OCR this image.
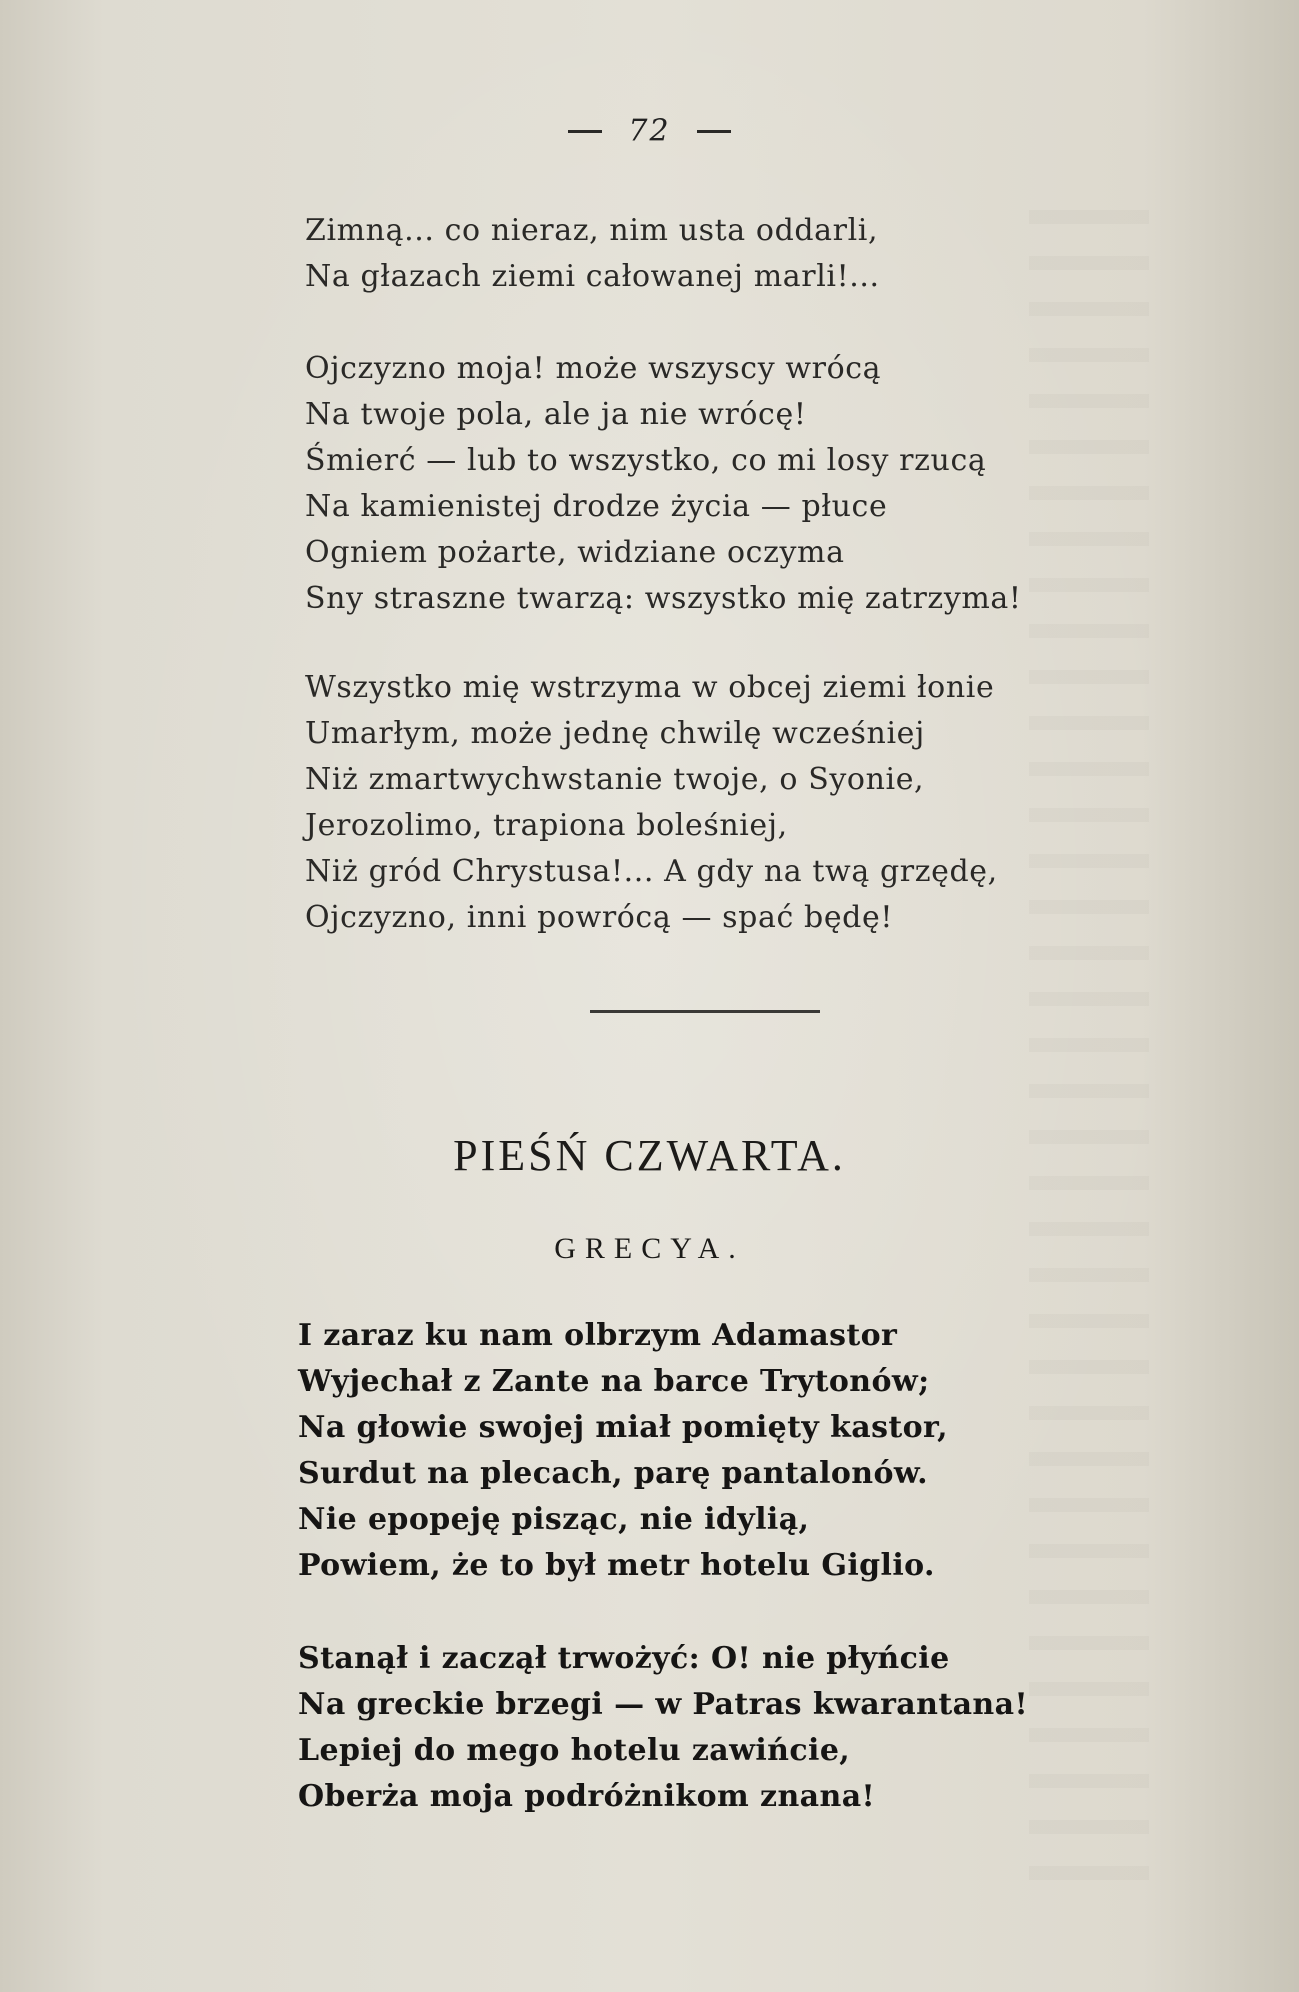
72
Zimną... co nieraz, nim usta oddarli,
Na głazach ziemi całowanej marli!...
Ojczyzno moja! może wszyscy wrócą
Na twoje pola, ale ja nie wrócę!
Śmierć — lub to wszystko, co mi losy rzucą
Na kamienistej drodze życia — płuce
Ogniem pożarte, widziane oczyma
Sny straszne twarzą: wszystko mię zatrzyma!
Wszystko mię wstrzyma w obcej ziemi łonie
Umarłym, może jednę chwilę wcześniej
Niż zmartwychwstanie twoje, o Syonie,
Jerozolimo, trapiona boleśniej,
Niż gród Chrystusa!... A gdy na twą grzędę,
Ojczyzno, inni powrócą — spać będę!
PIEŚŃ CZWARTA.
GRECYA.
I zaraz ku nam olbrzym Adamastor
Wyjechał z Zante na barce Trytonów;
Na głowie swojej miał pomięty kastor,
Surdut na plecach, parę pantalonów.
Nie epopeję pisząc, nie idylią,
Powiem, że to był metr hotelu Giglio.
Stanął i zaczął trwożyć: O! nie płyńcie
Na greckie brzegi — w Patras kwarantana!
Lepiej do mego hotelu zawińcie,
Oberża moja podróżnikom znana!
